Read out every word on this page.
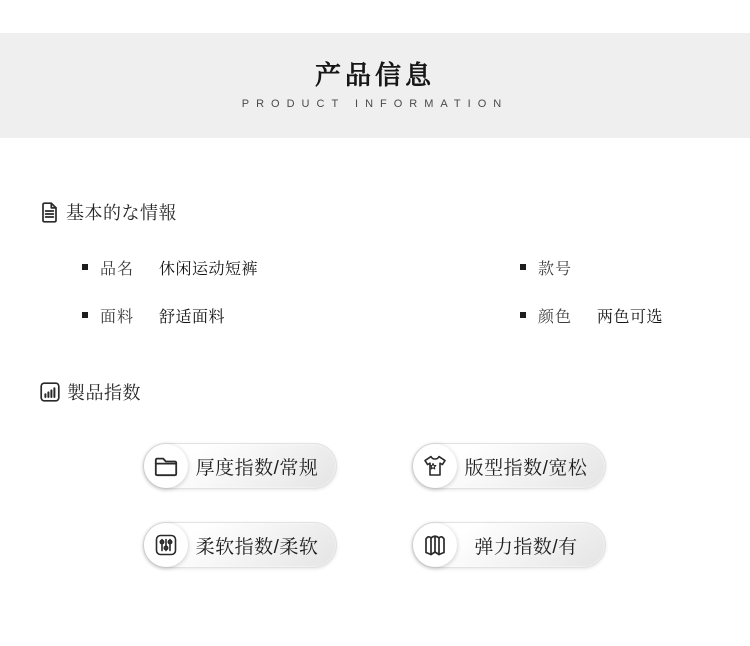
产品信息
PRODUCT INFORMATION
基本的な情報
品名 休闲运动短裤	款号
面料 舒适面料	颜色 两色可选
製品指数
厚度指数/常规	版型指数/宽松
柔软指数/柔软	弹力指数/有
